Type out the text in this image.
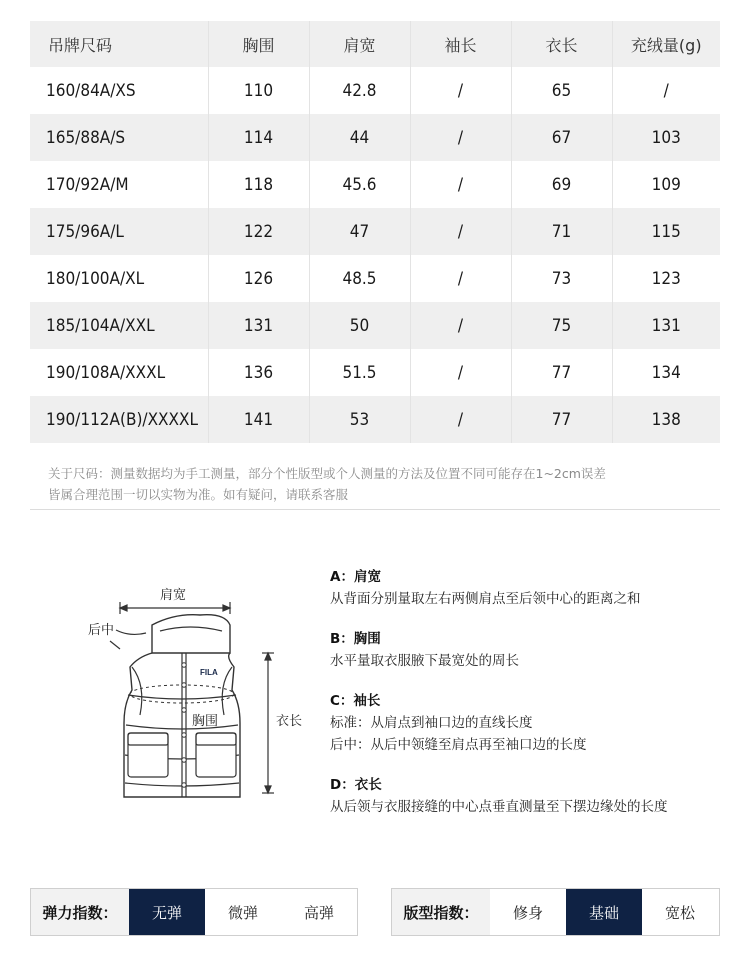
吊牌尺码	胸围	肩宽	袖长	衣长	充绒量(g)
160/84A/XS	110	42.8	/	65	/
165/88A/S	114	44	/	67	103
170/92A/M	118	45.6	/	69	109
175/96A/L	122	47	/	71	115
180/100A/XL	126	48.5	/	73	123
185/104A/XXL	131	50	/	75	131
190/108A/XXXL	136	51.5	/	77	134
190/112A(B)/XXXXL	141	53	/	77	138
关于尺码：测量数据均为手工测量，部分个性版型或个人测量的方法及位置不同可能存在1~2cm误差
皆属合理范围一切以实物为准。如有疑问，请联系客服
FILA
肩宽
后中
胸围	衣长
A：肩宽
从背面分别量取左右两侧肩点至后领中心的距离之和
B：胸围
水平量取衣服腋下最宽处的周长
C：袖长
标准：从肩点到袖口边的直线长度
后中：从后中领缝至肩点再至袖口边的长度
D：衣长
从后领与衣服接缝的中心点垂直测量至下摆边缘处的长度
弹力指数：	无弹	微弹	高弹	版型指数：	修身	基础	宽松
